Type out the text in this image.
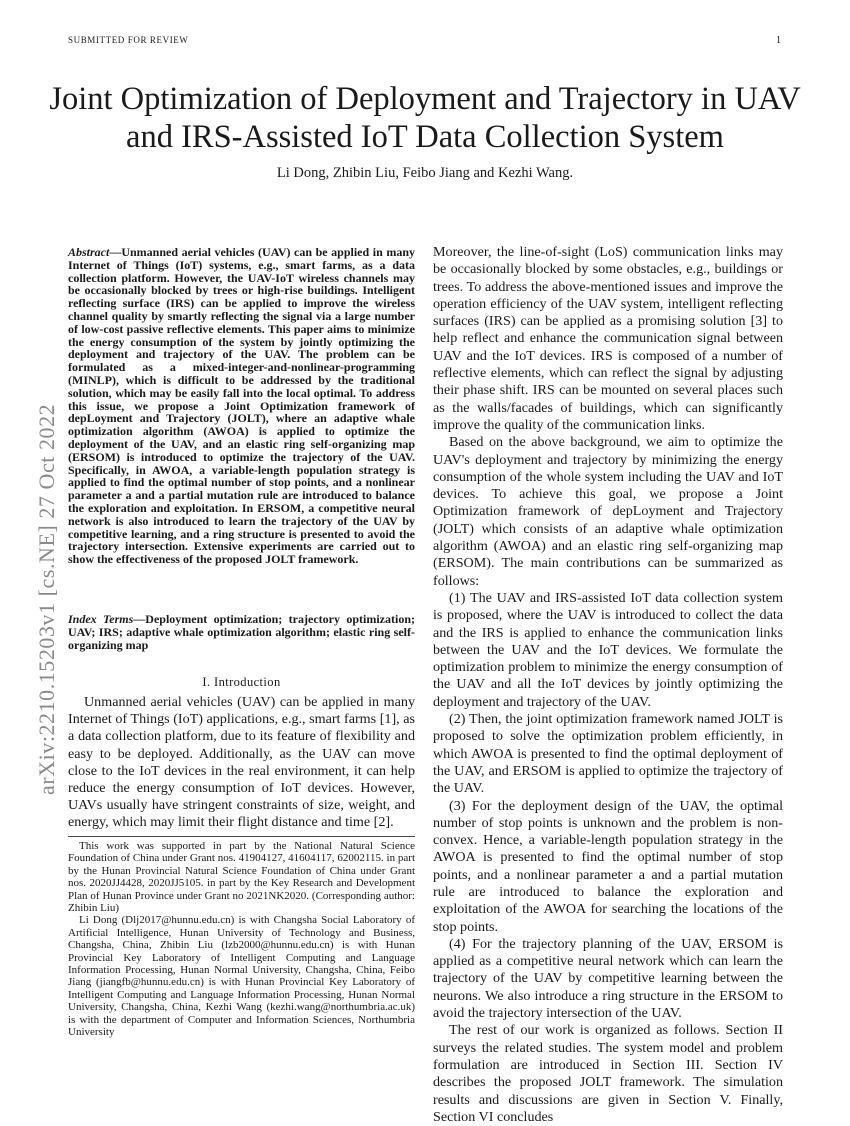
SUBMITTED FOR REVIEW	1
arXiv:2210.15203v1 [cs.NE] 27 Oct 2022
Joint Optimization of Deployment and Trajectory in UAV and IRS-Assisted IoT Data Collection System
Li Dong, Zhibin Liu, Feibo Jiang and Kezhi Wang.
Abstract—Unmanned aerial vehicles (UAV) can be applied in many Internet of Things (IoT) systems, e.g., smart farms, as a data collection platform. However, the UAV-IoT wireless channels may be occasionally blocked by trees or high-rise buildings. Intelligent reflecting surface (IRS) can be applied to improve the wireless channel quality by smartly reflecting the signal via a large number of low-cost passive reflective elements. This paper aims to minimize the energy consumption of the system by jointly optimizing the deployment and trajectory of the UAV. The problem can be formulated as a mixed-integer-and-nonlinear-programming (MINLP), which is difficult to be addressed by the traditional solution, which may be easily fall into the local optimal. To address this issue, we propose a Joint Optimization framework of depLoyment and Trajectory (JOLT), where an adaptive whale optimization algorithm (AWOA) is applied to optimize the deployment of the UAV, and an elastic ring self-organizing map (ERSOM) is introduced to optimize the trajectory of the UAV. Specifically, in AWOA, a variable-length population strategy is applied to find the optimal number of stop points, and a nonlinear parameter a and a partial mutation rule are introduced to balance the exploration and exploitation. In ERSOM, a competitive neural network is also introduced to learn the trajectory of the UAV by competitive learning, and a ring structure is presented to avoid the trajectory intersection. Extensive experiments are carried out to show the effectiveness of the proposed JOLT framework.
Index Terms—Deployment optimization; trajectory optimization; UAV; IRS; adaptive whale optimization algorithm; elastic ring self-organizing map
I. Introduction

Unmanned aerial vehicles (UAV) can be applied in many Internet of Things (IoT) applications, e.g., smart farms [1], as a data collection platform, due to its feature of flexibility and easy to be deployed. Additionally, as the UAV can move close to the IoT devices in the real environment, it can help reduce the energy consumption of IoT devices. However, UAVs usually have stringent constraints of size, weight, and energy, which may limit their flight distance and time [2].

This work was supported in part by the National Natural Science Foundation of China under Grant nos. 41904127, 41604117, 62002115. in part by the Hunan Provincial Natural Science Foundation of China under Grant nos. 2020JJ4428, 2020JJ5105. in part by the Key Research and Development Plan of Hunan Province under Grant no 2021NK2020. (Corresponding author: Zhibin Liu)

Li Dong (Dlj2017@hunnu.edu.cn) is with Changsha Social Laboratory of Artificial Intelligence, Hunan University of Technology and Business, Changsha, China, Zhibin Liu (lzb2000@hunnu.edu.cn) is with Hunan Provincial Key Laboratory of Intelligent Computing and Language Information Processing, Hunan Normal University, Changsha, China, Feibo Jiang (jiangfb@hunnu.edu.cn) is with Hunan Provincial Key Laboratory of Intelligent Computing and Language Information Processing, Hunan Normal University, Changsha, China, Kezhi Wang (kezhi.wang@northumbria.ac.uk) is with the department of Computer and Information Sciences, Northumbria University

Moreover, the line-of-sight (LoS) communication links may be occasionally blocked by some obstacles, e.g., buildings or trees. To address the above-mentioned issues and improve the operation efficiency of the UAV system, intelligent reflecting surfaces (IRS) can be applied as a promising solution [3] to help reflect and enhance the communication signal between UAV and the IoT devices. IRS is composed of a number of reflective elements, which can reflect the signal by adjusting their phase shift. IRS can be mounted on several places such as the walls/facades of buildings, which can significantly improve the quality of the communication links.

Based on the above background, we aim to optimize the UAV's deployment and trajectory by minimizing the energy consumption of the whole system including the UAV and IoT devices. To achieve this goal, we propose a Joint Optimization framework of depLoyment and Trajectory (JOLT) which consists of an adaptive whale optimization algorithm (AWOA) and an elastic ring self-organizing map (ERSOM). The main contributions can be summarized as follows:

(1) The UAV and IRS-assisted IoT data collection system is proposed, where the UAV is introduced to collect the data and the IRS is applied to enhance the communication links between the UAV and the IoT devices. We formulate the optimization problem to minimize the energy consumption of the UAV and all the IoT devices by jointly optimizing the deployment and trajectory of the UAV.

(2) Then, the joint optimization framework named JOLT is proposed to solve the optimization problem efficiently, in which AWOA is presented to find the optimal deployment of the UAV, and ERSOM is applied to optimize the trajectory of the UAV.

(3) For the deployment design of the UAV, the optimal number of stop points is unknown and the problem is non-convex. Hence, a variable-length population strategy in the AWOA is presented to find the optimal number of stop points, and a nonlinear parameter a and a partial mutation rule are introduced to balance the exploration and exploitation of the AWOA for searching the locations of the stop points.

(4) For the trajectory planning of the UAV, ERSOM is applied as a competitive neural network which can learn the trajectory of the UAV by competitive learning between the neurons. We also introduce a ring structure in the ERSOM to avoid the trajectory intersection of the UAV.

The rest of our work is organized as follows. Section II surveys the related studies. The system model and problem formulation are introduced in Section III. Section IV describes the proposed JOLT framework. The simulation results and discussions are given in Section V. Finally, Section VI concludes
